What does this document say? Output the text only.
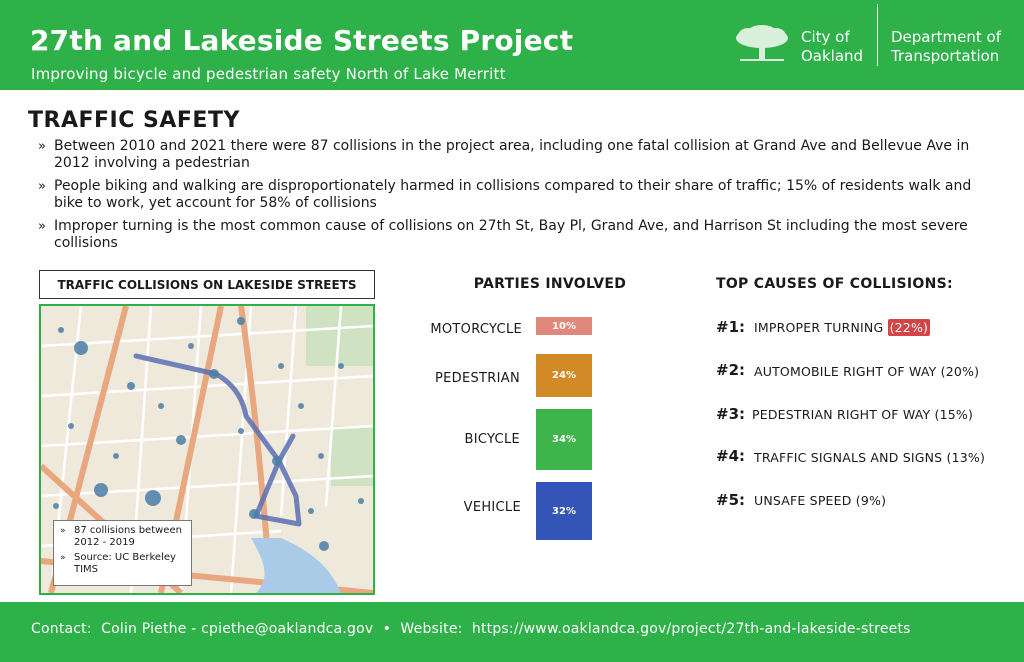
27th and Lakeside Streets Project
Improving bicycle and pedestrian safety North of Lake Merritt
City of
Oakland
Department of
Transportation
TRAFFIC SAFETY
» Between 2010 and 2021 there were 87 collisions in the project area, including one fatal collision at Grand Ave and Bellevue Ave in 2012 involving a pedestrian
» People biking and walking are disproportionately harmed in collisions compared to their share of traffic; 15% of residents walk and bike to work, yet account for 58% of collisions
» Improper turning is the most common cause of collisions on 27th St, Bay Pl, Grand Ave, and Harrison St including the most severe collisions
TRAFFIC COLLISIONS ON LAKESIDE STREETS
» 87 collisions between 2012 - 2019
» Source: UC Berkeley TIMS
PARTIES INVOLVED
MOTORCYCLE
PEDESTRIAN
BICYCLE
VEHICLE
10%
24%
34%
32%
TOP CAUSES OF COLLISIONS:
#1: IMPROPER TURNING (22%)
#2: AUTOMOBILE RIGHT OF WAY (20%)
#3: PEDESTRIAN RIGHT OF WAY (15%)
#4: TRAFFIC SIGNALS AND SIGNS (13%)
#5: UNSAFE SPEED (9%)
Contact: Colin Piethe - cpiethe@oaklandca.gov • Website: https://www.oaklandca.gov/project/27th-and-lakeside-streets
